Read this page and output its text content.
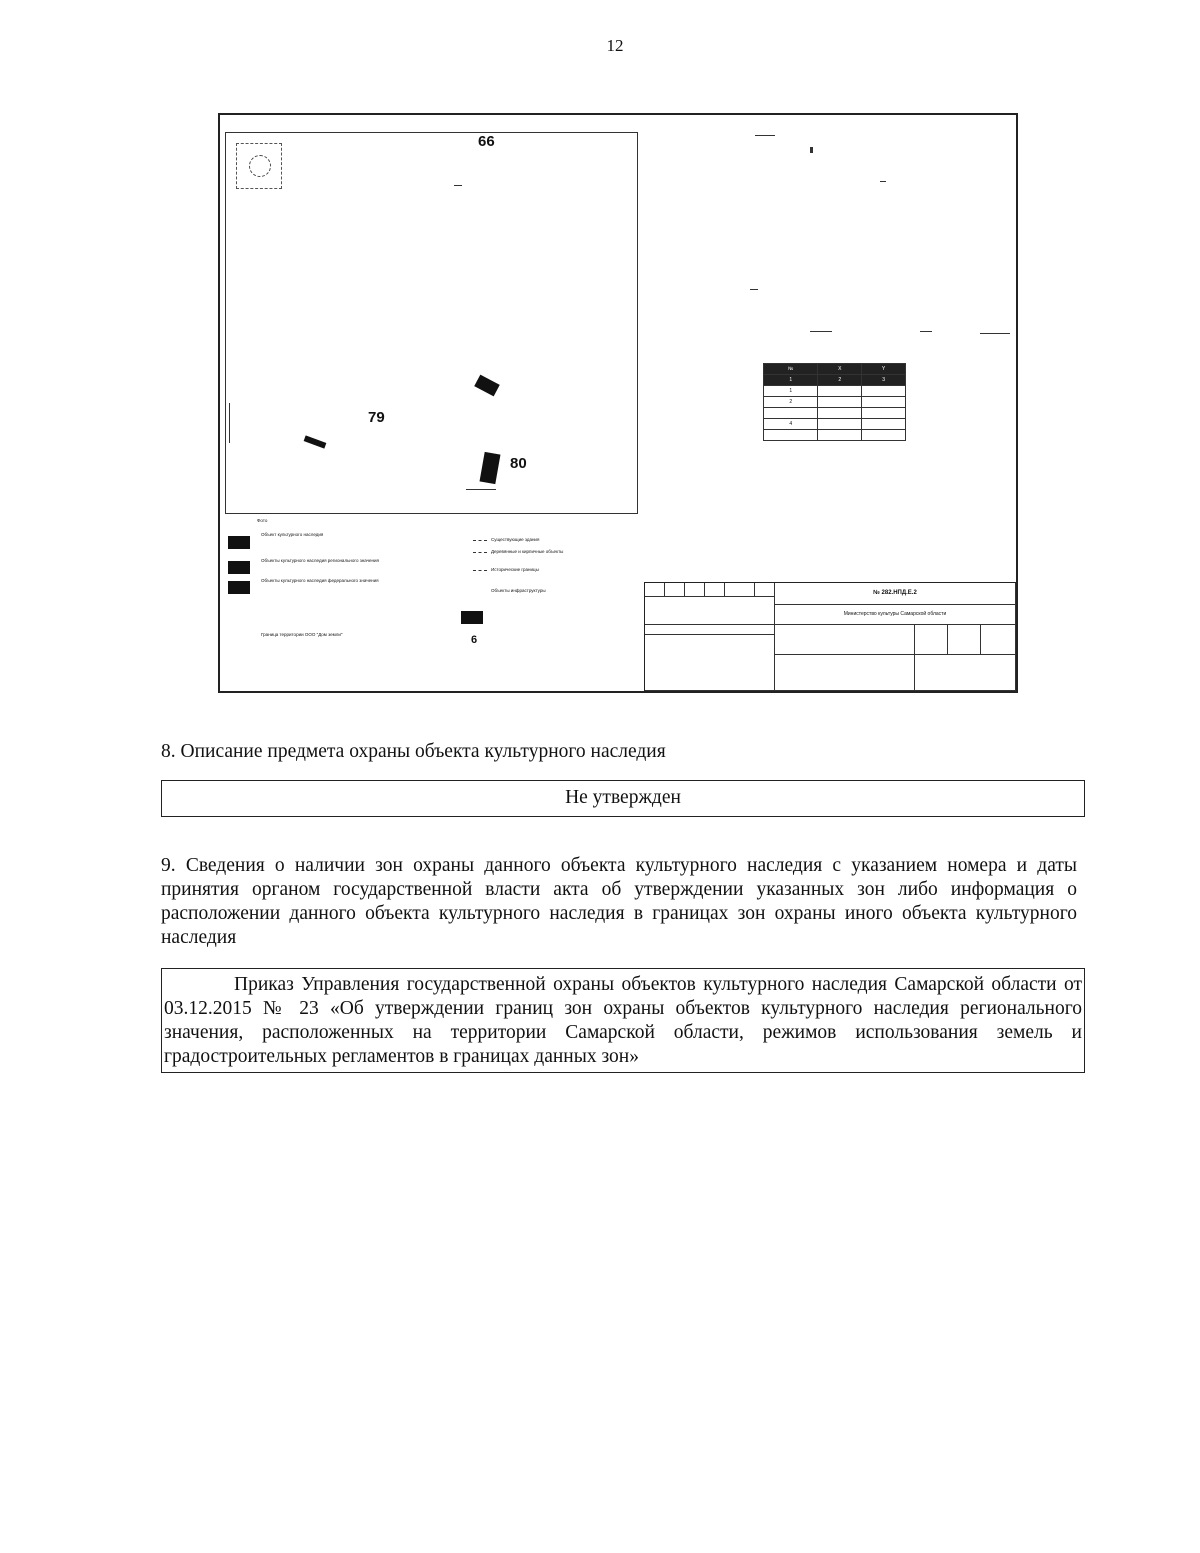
12
66
79
80
№	X	Y
1	2	3
1		
2		

4		

Фото
Объект культурного наследия
Объекты культурного наследия регионального значения
Объекты культурного наследия федерального значения
Граница территории ООО "Дом земли"
Существующие здания
Деревянные и кирпичные объекты
Исторические границы
Объекты инфраструктуры
6
№ 282.НПД.Е.2
Министерство культуры Самарской области
8. Описание предмета охраны объекта культурного наследия
Не утвержден
9. Сведения о наличии зон охраны данного объекта культурного наследия с указанием номера и даты принятия органом государственной власти акта об утверждении указанных зон либо информация о расположении данного объекта культурного наследия в границах зон охраны иного объекта культурного наследия
Приказ Управления государственной охраны объектов культурного наследия Самарской области от 03.12.2015 № 23 «Об утверждении границ зон охраны объектов культурного наследия регионального значения, расположенных на территории Самарской области, режимов использования земель и градостроительных регламентов в границах данных зон»
